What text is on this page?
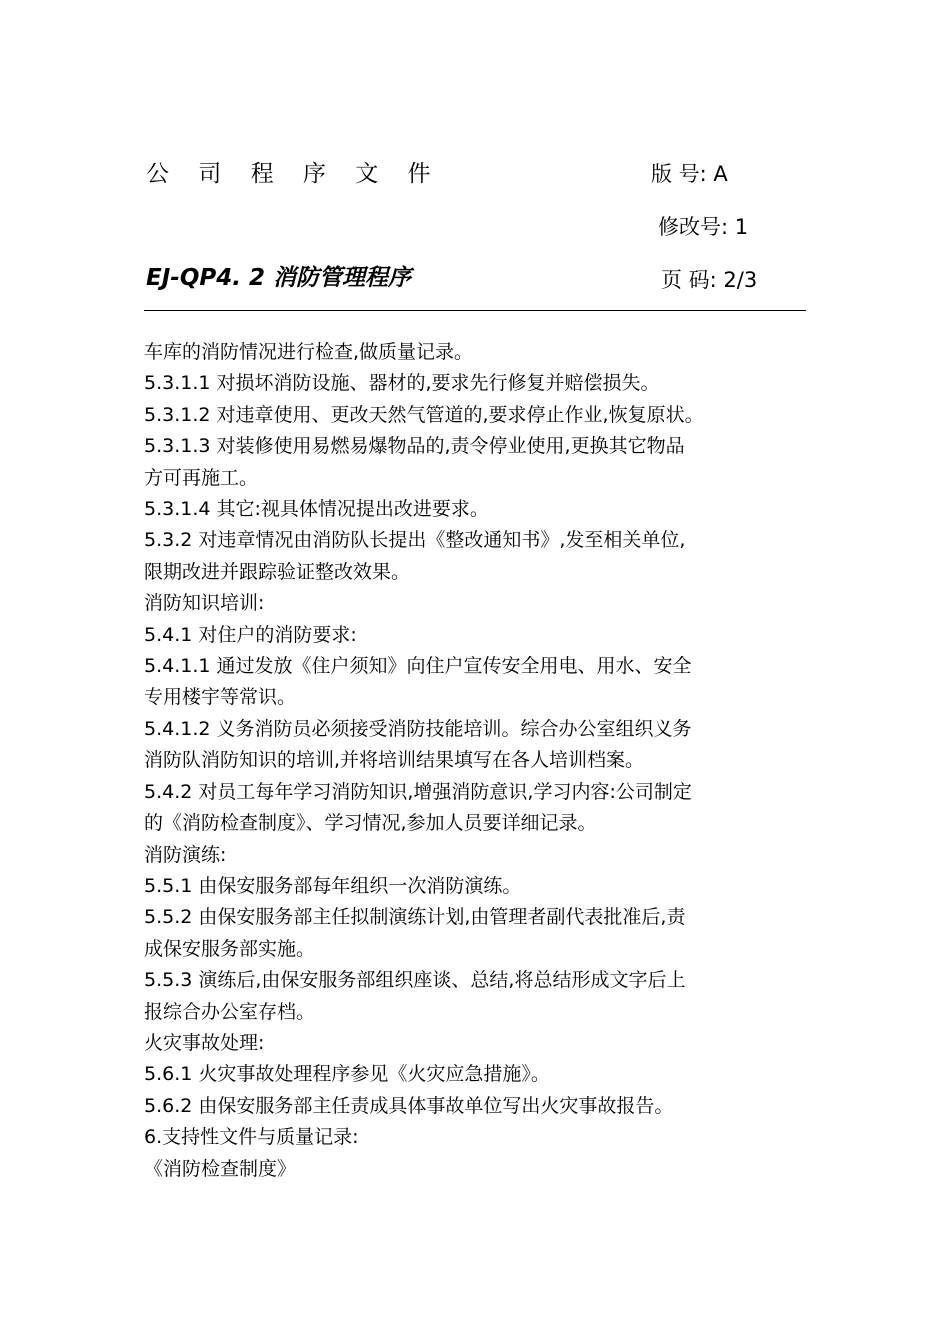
公 司 程 序 文 件	版 号: A
修改号: 1
EJ-QP4. 2 消防管理程序	页 码: 2/3
车库的消防情况进行检查,做质量记录。
5.3.1.1 对损坏消防设施、器材的,要求先行修复并赔偿损失。
5.3.1.2 对违章使用、更改天然气管道的,要求停止作业,恢复原状。
5.3.1.3 对装修使用易燃易爆物品的,责令停业使用,更换其它物品
方可再施工。
5.3.1.4 其它:视具体情况提出改进要求。
5.3.2 对违章情况由消防队长提出《整改通知书》,发至相关单位,
限期改进并跟踪验证整改效果。
消防知识培训:
5.4.1 对住户的消防要求:
5.4.1.1 通过发放《住户须知》向住户宣传安全用电、用水、安全
专用楼宇等常识。
5.4.1.2 义务消防员必须接受消防技能培训。综合办公室组织义务
消防队消防知识的培训,并将培训结果填写在各人培训档案。
5.4.2 对员工每年学习消防知识,增强消防意识,学习内容:公司制定
的《消防检查制度》、学习情况,参加人员要详细记录。
消防演练:
5.5.1 由保安服务部每年组织一次消防演练。
5.5.2 由保安服务部主任拟制演练计划,由管理者副代表批准后,责
成保安服务部实施。
5.5.3 演练后,由保安服务部组织座谈、总结,将总结形成文字后上
报综合办公室存档。
火灾事故处理:
5.6.1 火灾事故处理程序参见《火灾应急措施》。
5.6.2 由保安服务部主任责成具体事故单位写出火灾事故报告。
6.支持性文件与质量记录:
《消防检查制度》
